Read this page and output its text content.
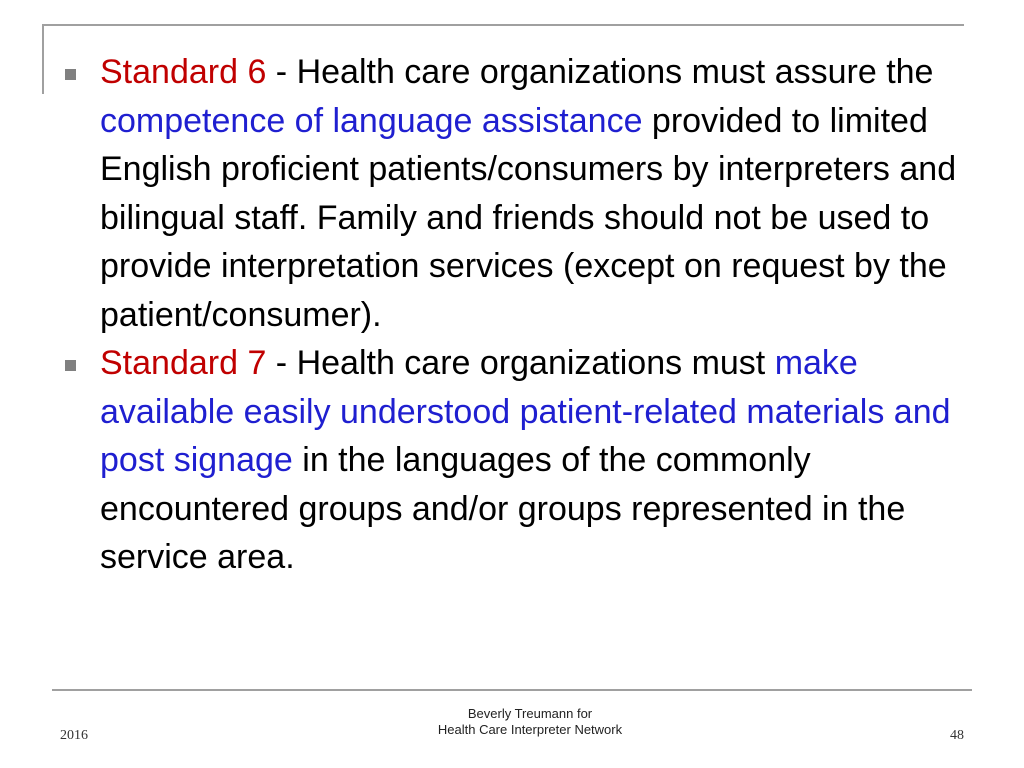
Standard 6 - Health care organizations must assure the competence of language assistance provided to limited English proficient patients/consumers by interpreters and bilingual staff. Family and friends should not be used to provide interpretation services (except on request by the patient/consumer).
Standard 7 - Health care organizations must make available easily understood patient-related materials and post signage in the languages of the commonly encountered groups and/or groups represented in the service area.
2016
Beverly Treumann for
Health Care Interpreter Network	48
